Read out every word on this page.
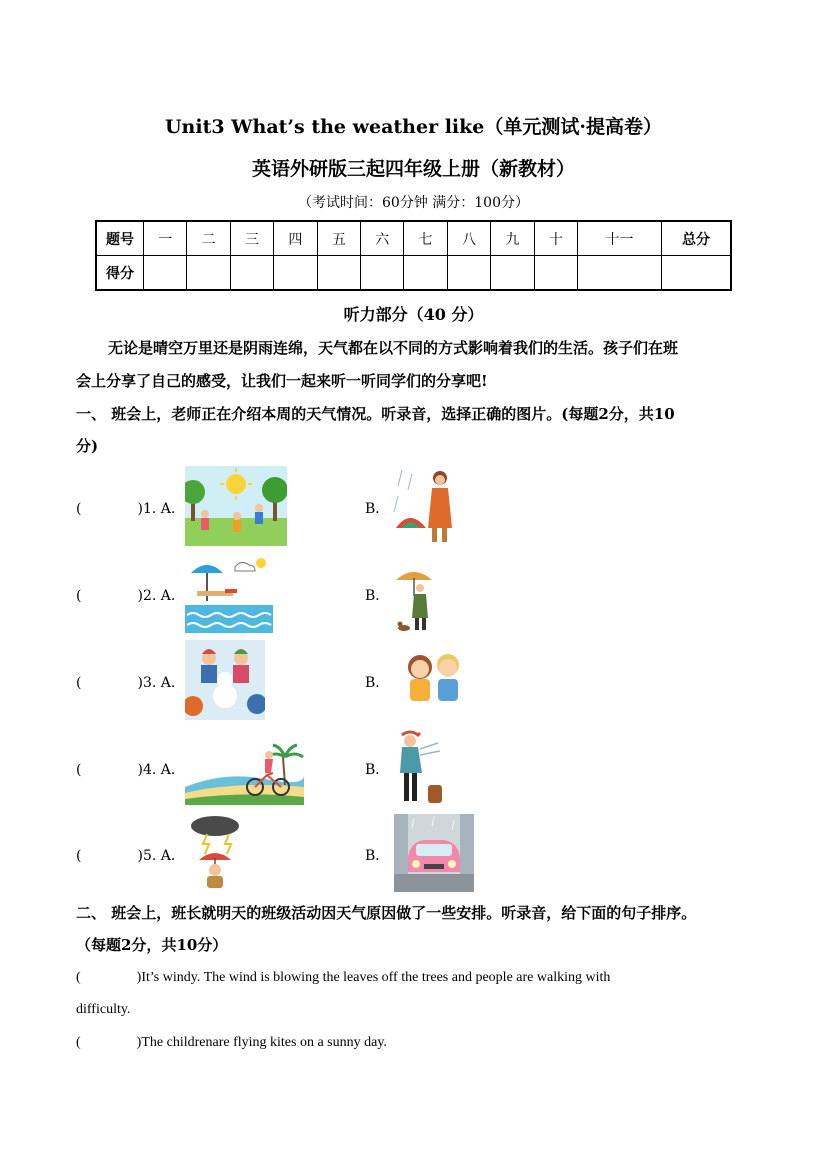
Unit3 What’s the weather like（单元测试·提高卷）
英语外研版三起四年级上册（新教材）
（考试时间：60分钟 满分：100分）
题号	一	二	三	四	五	六	七	八	九	十	十一	总分
得分												
听力部分（40 分）
无论是晴空万里还是阴雨连绵，天气都在以不同的方式影响着我们的生活。孩子们在班
会上分享了自己的感受，让我们一起来听一听同学们的分享吧!
一、 班会上，老师正在介绍本周的天气情况。听录音，选择正确的图片。(每题2分，共10
分)
(	)1. A．	B．
(	)2. A．	B．
(	)3. A．	B．
(	)4. A．	B．
(	)5. A．	B．
二、 班会上，班长就明天的班级活动因天气原因做了一些安排。听录音，给下面的句子排序。
（每题2分，共10分）
(	)It’s windy. The wind is blowing the leaves off the trees and people are walking with
difficulty.
(	)The childrenare flying kites on a sunny day.
